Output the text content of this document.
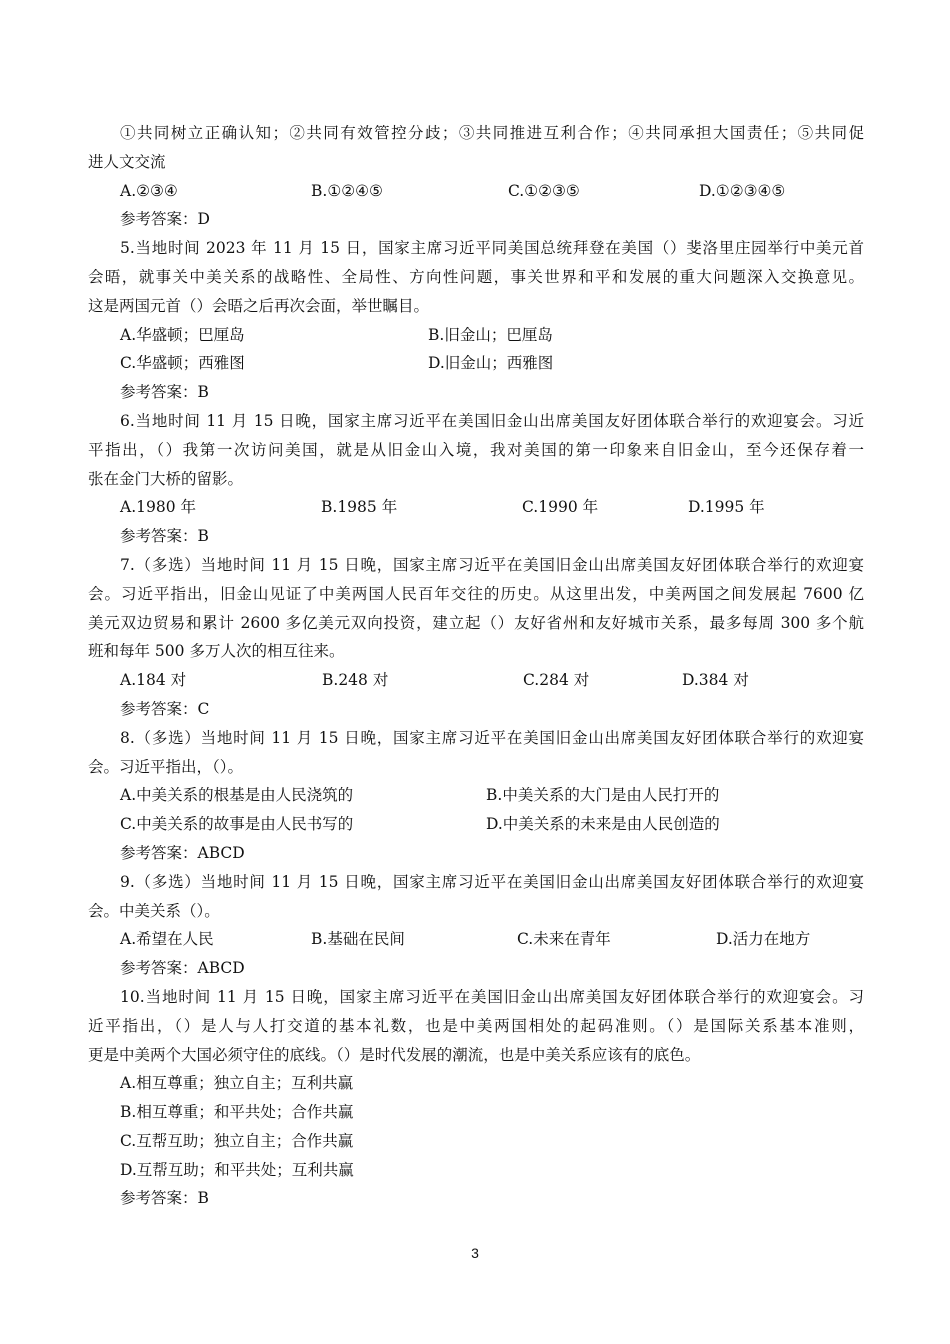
①共同树立正确认知；②共同有效管控分歧；③共同推进互利合作；④共同承担大国责任；⑤共同促
进人文交流
A.②③④	B.①②④⑤	C.①②③⑤	D.①②③④⑤
参考答案：D
5.当地时间 2023 年 11 月 15 日，国家主席习近平同美国总统拜登在美国（）斐洛里庄园举行中美元首
会晤，就事关中美关系的战略性、全局性、方向性问题，事关世界和平和发展的重大问题深入交换意见。
这是两国元首（）会晤之后再次会面，举世瞩目。
A.华盛顿；巴厘岛	B.旧金山；巴厘岛
C.华盛顿；西雅图	D.旧金山；西雅图
参考答案：B
6.当地时间 11 月 15 日晚，国家主席习近平在美国旧金山出席美国友好团体联合举行的欢迎宴会。习近
平指出，（）我第一次访问美国，就是从旧金山入境，我对美国的第一印象来自旧金山，至今还保存着一
张在金门大桥的留影。
A.1980 年	B.1985 年	C.1990 年	D.1995 年
参考答案：B
7.（多选）当地时间 11 月 15 日晚，国家主席习近平在美国旧金山出席美国友好团体联合举行的欢迎宴
会。习近平指出，旧金山见证了中美两国人民百年交往的历史。从这里出发，中美两国之间发展起 7600 亿
美元双边贸易和累计 2600 多亿美元双向投资，建立起（）友好省州和友好城市关系，最多每周 300 多个航
班和每年 500 多万人次的相互往来。
A.184 对	B.248 对	C.284 对	D.384 对
参考答案：C
8.（多选）当地时间 11 月 15 日晚，国家主席习近平在美国旧金山出席美国友好团体联合举行的欢迎宴
会。习近平指出，（）。
A.中美关系的根基是由人民浇筑的	B.中美关系的大门是由人民打开的
C.中美关系的故事是由人民书写的	D.中美关系的未来是由人民创造的
参考答案：ABCD
9.（多选）当地时间 11 月 15 日晚，国家主席习近平在美国旧金山出席美国友好团体联合举行的欢迎宴
会。中美关系（）。
A.希望在人民	B.基础在民间	C.未来在青年	D.活力在地方
参考答案：ABCD
10.当地时间 11 月 15 日晚，国家主席习近平在美国旧金山出席美国友好团体联合举行的欢迎宴会。习
近平指出，（）是人与人打交道的基本礼数，也是中美两国相处的起码准则。（）是国际关系基本准则，
更是中美两个大国必须守住的底线。（）是时代发展的潮流，也是中美关系应该有的底色。
A.相互尊重；独立自主；互利共赢
B.相互尊重；和平共处；合作共赢
C.互帮互助；独立自主；合作共赢
D.互帮互助；和平共处；互利共赢
参考答案：B
3
